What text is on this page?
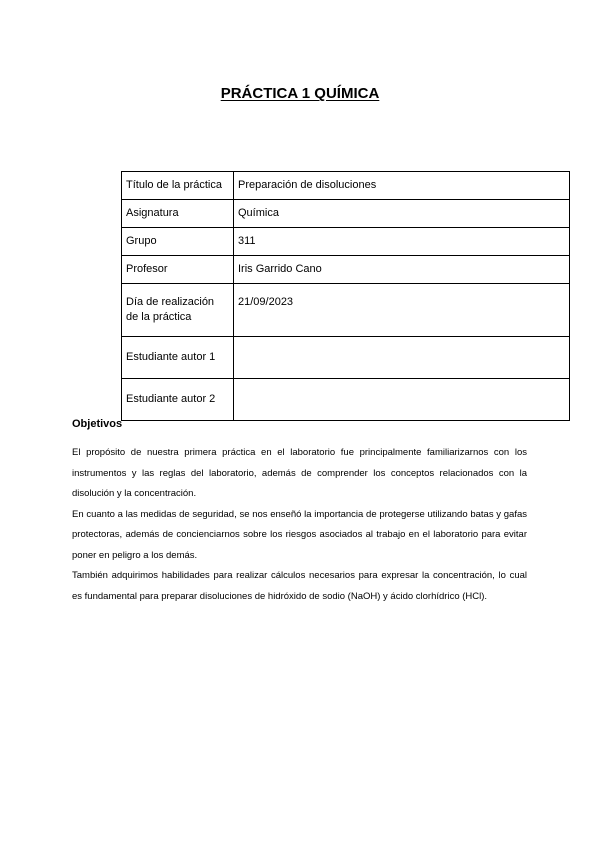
PRÁCTICA 1 QUÍMICA
Título de la práctica	Preparación de disoluciones
Asignatura	Química
Grupo	311
Profesor	Iris Garrido Cano
Día de realización de la práctica	21/09/2023
Estudiante autor 1	
Estudiante autor 2	
Objetivos

El propósito de nuestra primera práctica en el laboratorio fue principalmente familiarizarnos con los instrumentos y las reglas del laboratorio, además de comprender los conceptos relacionados con la disolución y la concentración.

En cuanto a las medidas de seguridad, se nos enseñó la importancia de protegerse utilizando batas y gafas protectoras, además de concienciarnos sobre los riesgos asociados al trabajo en el laboratorio para evitar poner en peligro a los demás.

También adquirimos habilidades para realizar cálculos necesarios para expresar la concentración, lo cual es fundamental para preparar disoluciones de hidróxido de sodio (NaOH) y ácido clorhídrico (HCl).
